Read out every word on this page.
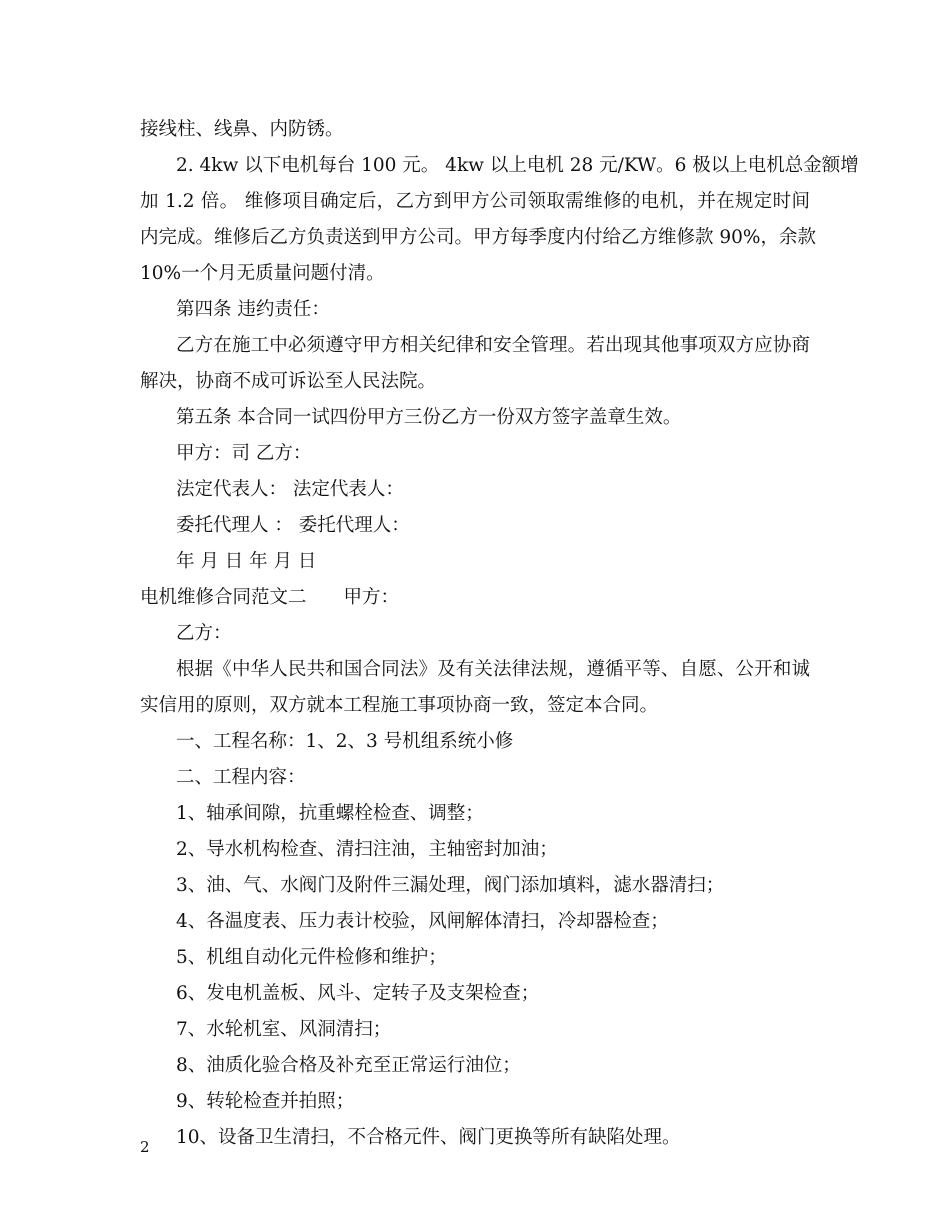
接线柱、线鼻、内防锈。
2. 4kw 以下电机每台 100 元。 4kw 以上电机 28 元/KW。6 极以上电机总金额增
加 1.2 倍。 维修项目确定后，乙方到甲方公司领取需维修的电机，并在规定时间
内完成。维修后乙方负责送到甲方公司。甲方每季度内付给乙方维修款 90%，余款
10%一个月无质量问题付清。
第四条 违约责任：
乙方在施工中必须遵守甲方相关纪律和安全管理。若出现其他事项双方应协商
解决，协商不成可诉讼至人民法院。
第五条 本合同一试四份甲方三份乙方一份双方签字盖章生效。
甲方：司 乙方：
法定代表人： 法定代表人：
委托代理人 ： 委托代理人：
年 月 日 年 月 日
电机维修合同范文二　　甲方：
乙方：
根据《中华人民共和国合同法》及有关法律法规，遵循平等、自愿、公开和诚
实信用的原则，双方就本工程施工事项协商一致，签定本合同。
一、工程名称：1、2、3 号机组系统小修
二、工程内容：
1、轴承间隙，抗重螺栓检查、调整；
2、导水机构检查、清扫注油，主轴密封加油；
3、油、气、水阀门及附件三漏处理，阀门添加填料，滤水器清扫；
4、各温度表、压力表计校验，风闸解体清扫，冷却器检查；
5、机组自动化元件检修和维护；
6、发电机盖板、风斗、定转子及支架检查；
7、水轮机室、风洞清扫；
8、油质化验合格及补充至正常运行油位；
9、转轮检查并拍照；
10、设备卫生清扫，不合格元件、阀门更换等所有缺陷处理。
2
